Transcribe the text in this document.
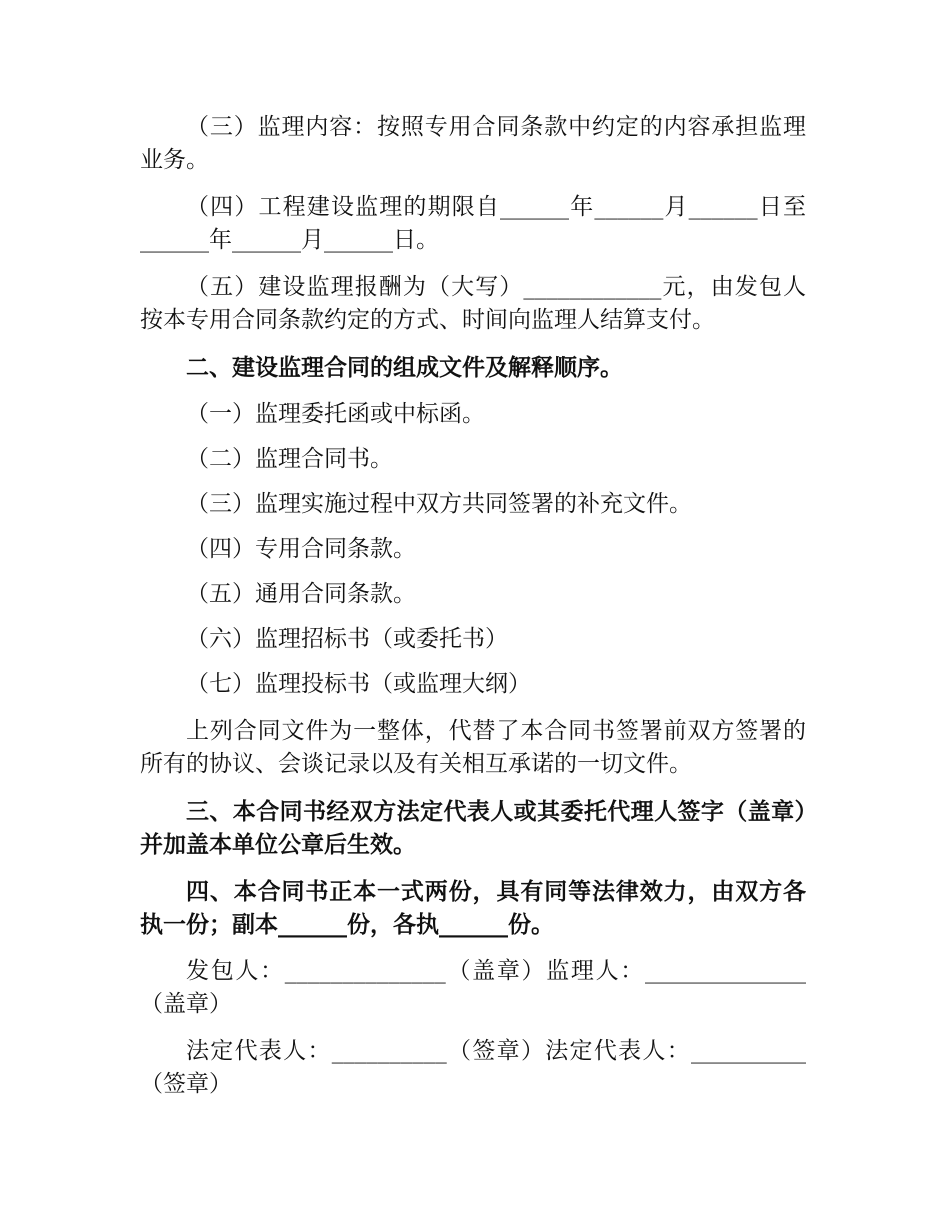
（三）监理内容：按照专用合同条款中约定的内容承担监理业务。

（四）工程建设监理的期限自______年______月______日至______年______月______日。

（五）建设监理报酬为（大写）____________元，由发包人按本专用合同条款约定的方式、时间向监理人结算支付。

二、建设监理合同的组成文件及解释顺序。

（一）监理委托函或中标函。

（二）监理合同书。

（三）监理实施过程中双方共同签署的补充文件。

（四）专用合同条款。

（五）通用合同条款。

（六）监理招标书（或委托书）

（七）监理投标书（或监理大纲）

上列合同文件为一整体，代替了本合同书签署前双方签署的所有的协议、会谈记录以及有关相互承诺的一切文件。

三、本合同书经双方法定代表人或其委托代理人签字（盖章）并加盖本单位公章后生效。

四、本合同书正本一式两份，具有同等法律效力，由双方各执一份；副本______份，各执______份。

发包人：______________（盖章）监理人：______________（盖章）

法定代表人：__________（签章）法定代表人：__________（签章）
